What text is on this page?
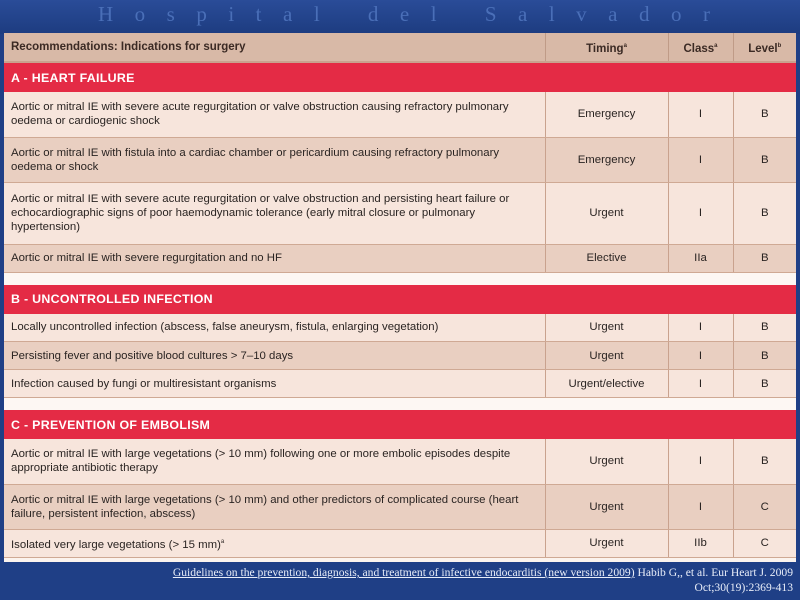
Hospital del Salvador
Recommendations: Indications for surgery	Timing$^a$	Class$^a$	Level$^b$
A - HEART FAILURE			
Aortic or mitral IE with severe acute regurgitation or valve obstruction causing refractory pulmonary oedema or cardiogenic shock	Emergency	I	B
Aortic or mitral IE with fistula into a cardiac chamber or pericardium causing refractory pulmonary oedema or shock	Emergency	I	B
Aortic or mitral IE with severe acute regurgitation or valve obstruction and persisting heart failure or echocardiographic signs of poor haemodynamic tolerance (early mitral closure or pulmonary hypertension)	Urgent	I	B
Aortic or mitral IE with severe regurgitation and no HF	Elective	IIa	B

B - UNCONTROLLED INFECTION			
Locally uncontrolled infection (abscess, false aneurysm, fistula, enlarging vegetation)	Urgent	I	B
Persisting fever and positive blood cultures > 7–10 days	Urgent	I	B
Infection caused by fungi or multiresistant organisms	Urgent/elective	I	B

C - PREVENTION OF EMBOLISM			
Aortic or mitral IE with large vegetations (> 10 mm) following one or more embolic episodes despite appropriate antibiotic therapy	Urgent	I	B
Aortic or mitral IE with large vegetations (> 10 mm) and other predictors of complicated course (heart failure, persistent infection, abscess)	Urgent	I	C
Isolated very large vegetations (> 15 mm)$^a$	Urgent	IIb	C
Guidelines on the prevention, diagnosis, and treatment of infective endocarditis (new version 2009) Habib G,, et al. Eur Heart J. 2009
Oct;30(19):2369-413
